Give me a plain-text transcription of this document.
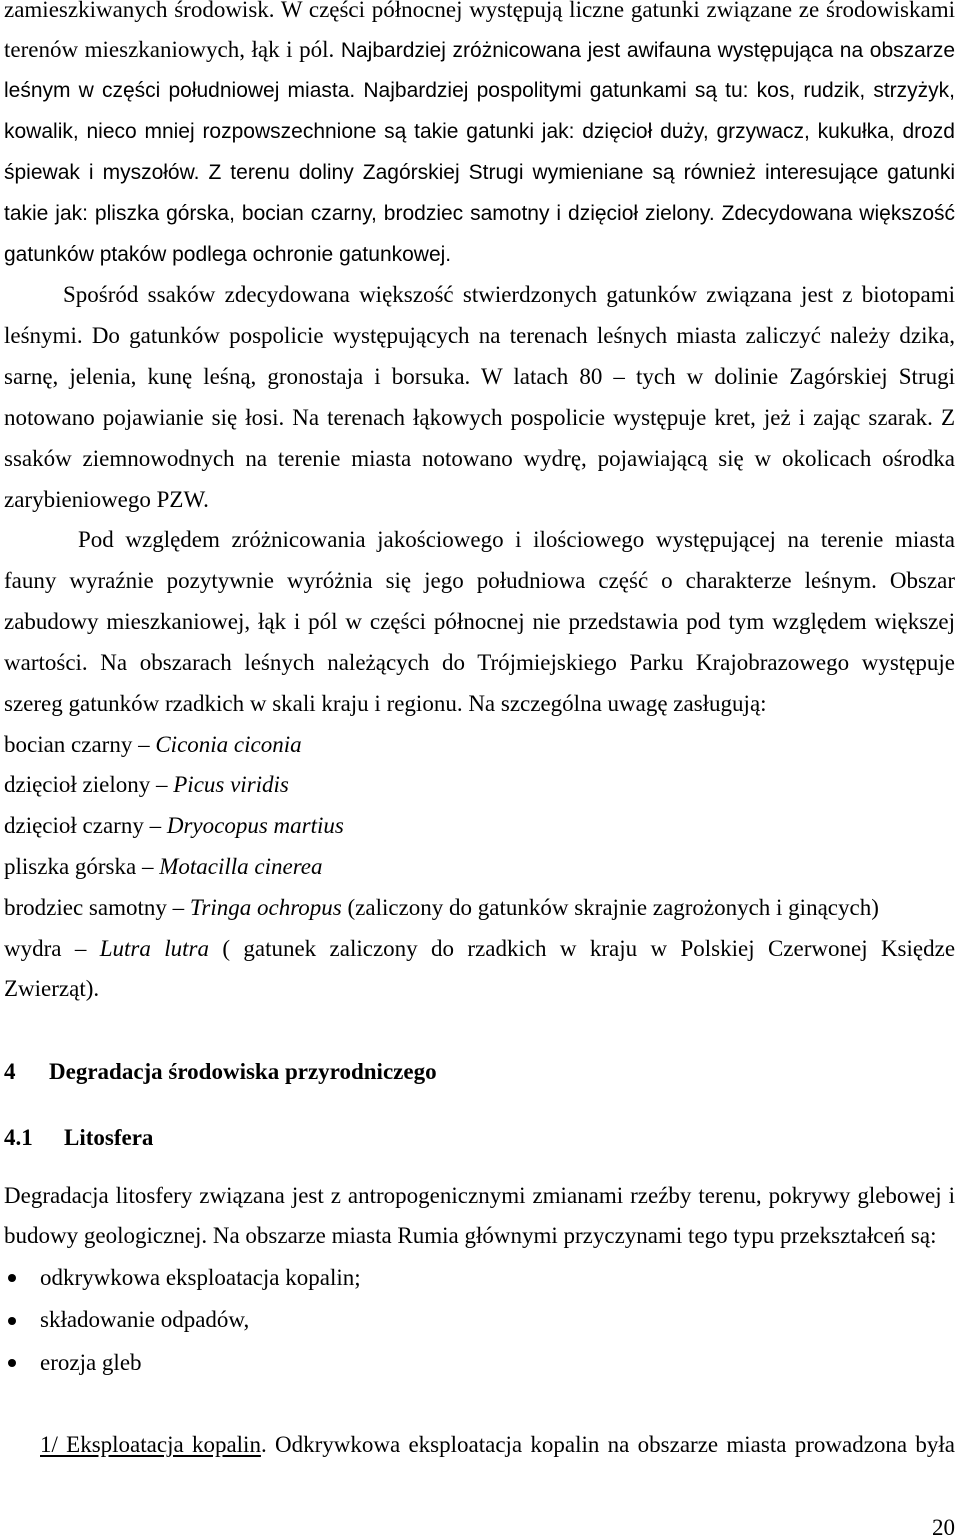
zamieszkiwanych środowisk. W części północnej występują liczne gatunki związane ze środowiskami
terenów mieszkaniowych, łąk i pól. Najbardziej zróżnicowana jest awifauna występująca na obszarze
leśnym w części południowej miasta. Najbardziej pospolitymi gatunkami są tu: kos, rudzik, strzyżyk,
kowalik, nieco mniej rozpowszechnione są takie gatunki jak: dzięcioł duży, grzywacz, kukułka, drozd
śpiewak i myszołów. Z terenu doliny Zagórskiej Strugi wymieniane są również interesujące gatunki
takie jak: pliszka górska, bocian czarny, brodziec samotny i dzięcioł zielony. Zdecydowana większość
gatunków ptaków podlega ochronie gatunkowej.
Spośród ssaków zdecydowana większość stwierdzonych gatunków związana jest z biotopami
leśnymi. Do gatunków pospolicie występujących na terenach leśnych miasta zaliczyć należy dzika,
sarnę, jelenia, kunę leśną, gronostaja i borsuka. W latach 80 – tych w dolinie Zagórskiej Strugi
notowano pojawianie się łosi. Na terenach łąkowych pospolicie występuje kret, jeż i zając szarak. Z
ssaków ziemnowodnych na terenie miasta notowano wydrę, pojawiającą się w okolicach ośrodka
zarybieniowego PZW.
Pod względem zróżnicowania jakościowego i ilościowego występującej na terenie miasta
fauny wyraźnie pozytywnie wyróżnia się jego południowa część o charakterze leśnym. Obszar
zabudowy mieszkaniowej, łąk i pól w części północnej nie przedstawia pod tym względem większej
wartości. Na obszarach leśnych należących do Trójmiejskiego Parku Krajobrazowego występuje
szereg gatunków rzadkich w skali kraju i regionu. Na szczególna uwagę zasługują:
bocian czarny – Ciconia ciconia
dzięcioł zielony – Picus viridis
dzięcioł czarny – Dryocopus martius
pliszka górska – Motacilla cinerea
brodziec samotny – Tringa ochropus (zaliczony do gatunków skrajnie zagrożonych i ginących)
wydra – Lutra lutra ( gatunek zaliczony do rzadkich w kraju w Polskiej Czerwonej Księdze
Zwierząt).
4 Degradacja środowiska przyrodniczego
4.1 Litosfera
Degradacja litosfery związana jest z antropogenicznymi zmianami rzeźby terenu, pokrywy glebowej i
budowy geologicznej. Na obszarze miasta Rumia głównymi przyczynami tego typu przekształceń są:
odkrywkowa eksploatacja kopalin;
składowanie odpadów,
erozja gleb
1/ Eksploatacja kopalin. Odkrywkowa eksploatacja kopalin na obszarze miasta prowadzona była
20
